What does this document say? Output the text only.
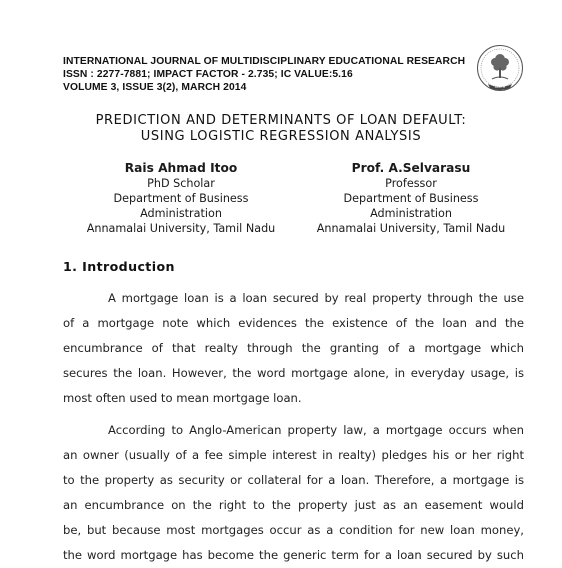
INTERNATIONAL JOURNAL OF MULTIDISCIPLINARY EDUCATIONAL RESEARCH
ISSN : 2277-7881; IMPACT FACTOR - 2.735; IC VALUE:5.16
VOLUME 3, ISSUE 3(2), MARCH 2014	IJMER
PREDICTION AND DETERMINANTS OF LOAN DEFAULT:
USING LOGISTIC REGRESSION ANALYSIS
Rais Ahmad Itoo
PhD Scholar
Department of Business
Administration
Annamalai University, Tamil Nadu
Prof. A.Selvarasu
Professor
Department of Business
Administration
Annamalai University, Tamil Nadu
1. Introduction
A mortgage loan is a loan secured by real property through the use
of a mortgage note which evidences the existence of the loan and the
encumbrance of that realty through the granting of a mortgage which
secures the loan. However, the word mortgage alone, in everyday usage, is
most often used to mean mortgage loan.
According to Anglo-American property law, a mortgage occurs when
an owner (usually of a fee simple interest in realty) pledges his or her right
to the property as security or collateral for a loan. Therefore, a mortgage is
an encumbrance on the right to the property just as an easement would
be, but because most mortgages occur as a condition for new loan money,
the word mortgage has become the generic term for a loan secured by such
